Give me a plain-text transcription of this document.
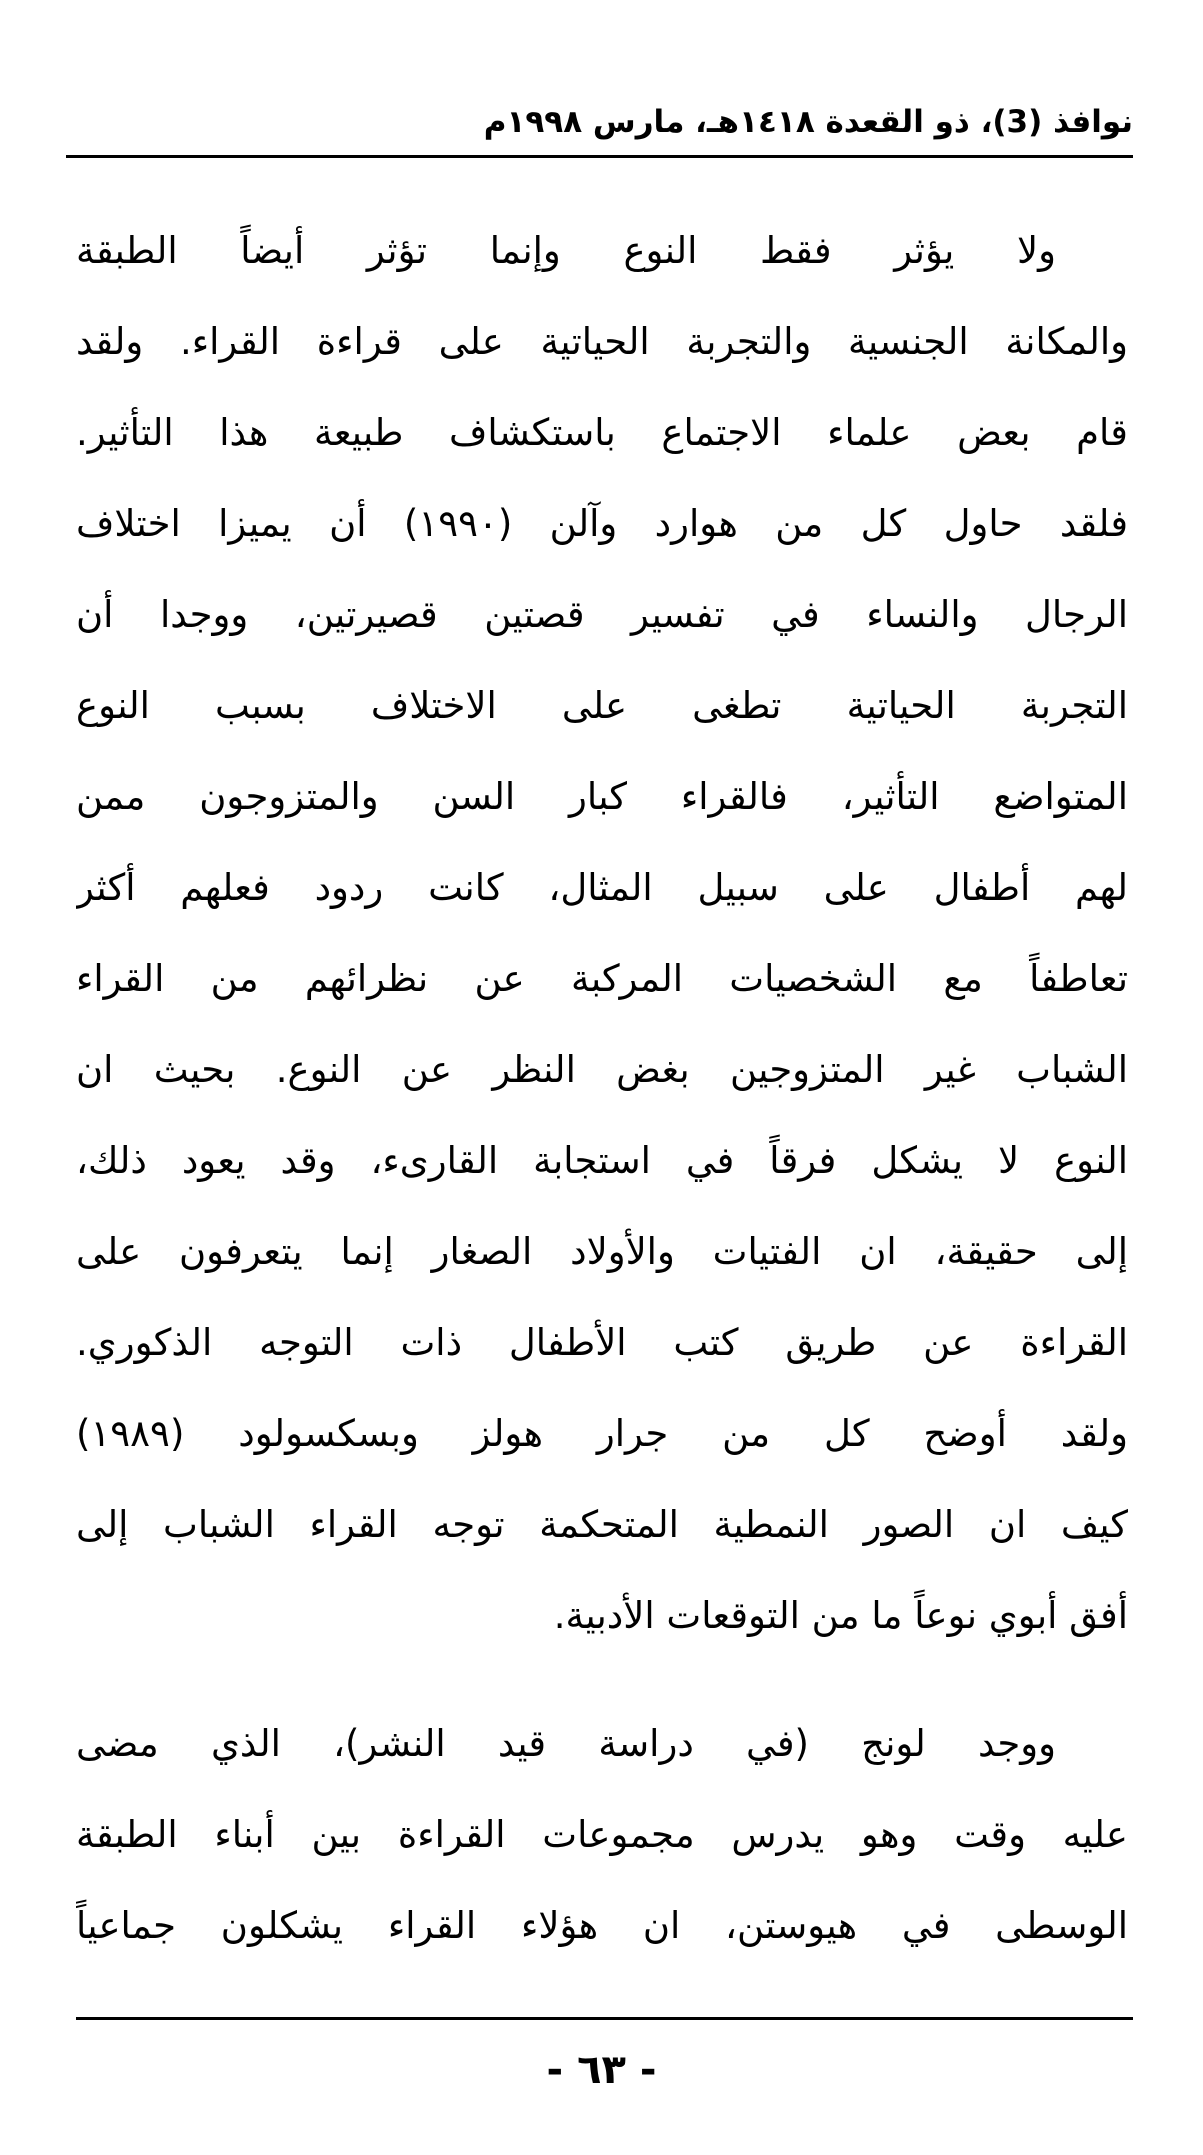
نوافذ (3)، ذو القعدة ١٤١٨هـ، مارس ١٩٩٨م
ولا يؤثر فقط النوع وإنما تؤثر أيضاً الطبقة
والمكانة الجنسية والتجربة الحياتية على قراءة القراء. ولقد
قام بعض علماء الاجتماع باستكشاف طبيعة هذا التأثير.
فلقد حاول كل من هوارد وآلن (١٩٩٠) أن يميزا اختلاف
الرجال والنساء في تفسير قصتين قصيرتين، ووجدا أن
التجربة الحياتية تطغى على الاختلاف بسبب النوع
المتواضع التأثير، فالقراء كبار السن والمتزوجون ممن
لهم أطفال على سبيل المثال، كانت ردود فعلهم أكثر
تعاطفاً مع الشخصيات المركبة عن نظرائهم من القراء
الشباب غير المتزوجين بغض النظر عن النوع. بحيث ان
النوع لا يشكل فرقاً في استجابة القارىء، وقد يعود ذلك،
إلى حقيقة، ان الفتيات والأولاد الصغار إنما يتعرفون على
القراءة عن طريق كتب الأطفال ذات التوجه الذكوري.
ولقد أوضح كل من جرار هولز وبسكسولود (١٩٨٩)
كيف ان الصور النمطية المتحكمة توجه القراء الشباب إلى
أفق أبوي نوعاً ما من التوقعات الأدبية.
ووجد لونج (في دراسة قيد النشر)، الذي مضى
عليه وقت وهو يدرس مجموعات القراءة بين أبناء الطبقة
الوسطى في هيوستن، ان هؤلاء القراء يشكلون جماعياً
- ٦٣ -
